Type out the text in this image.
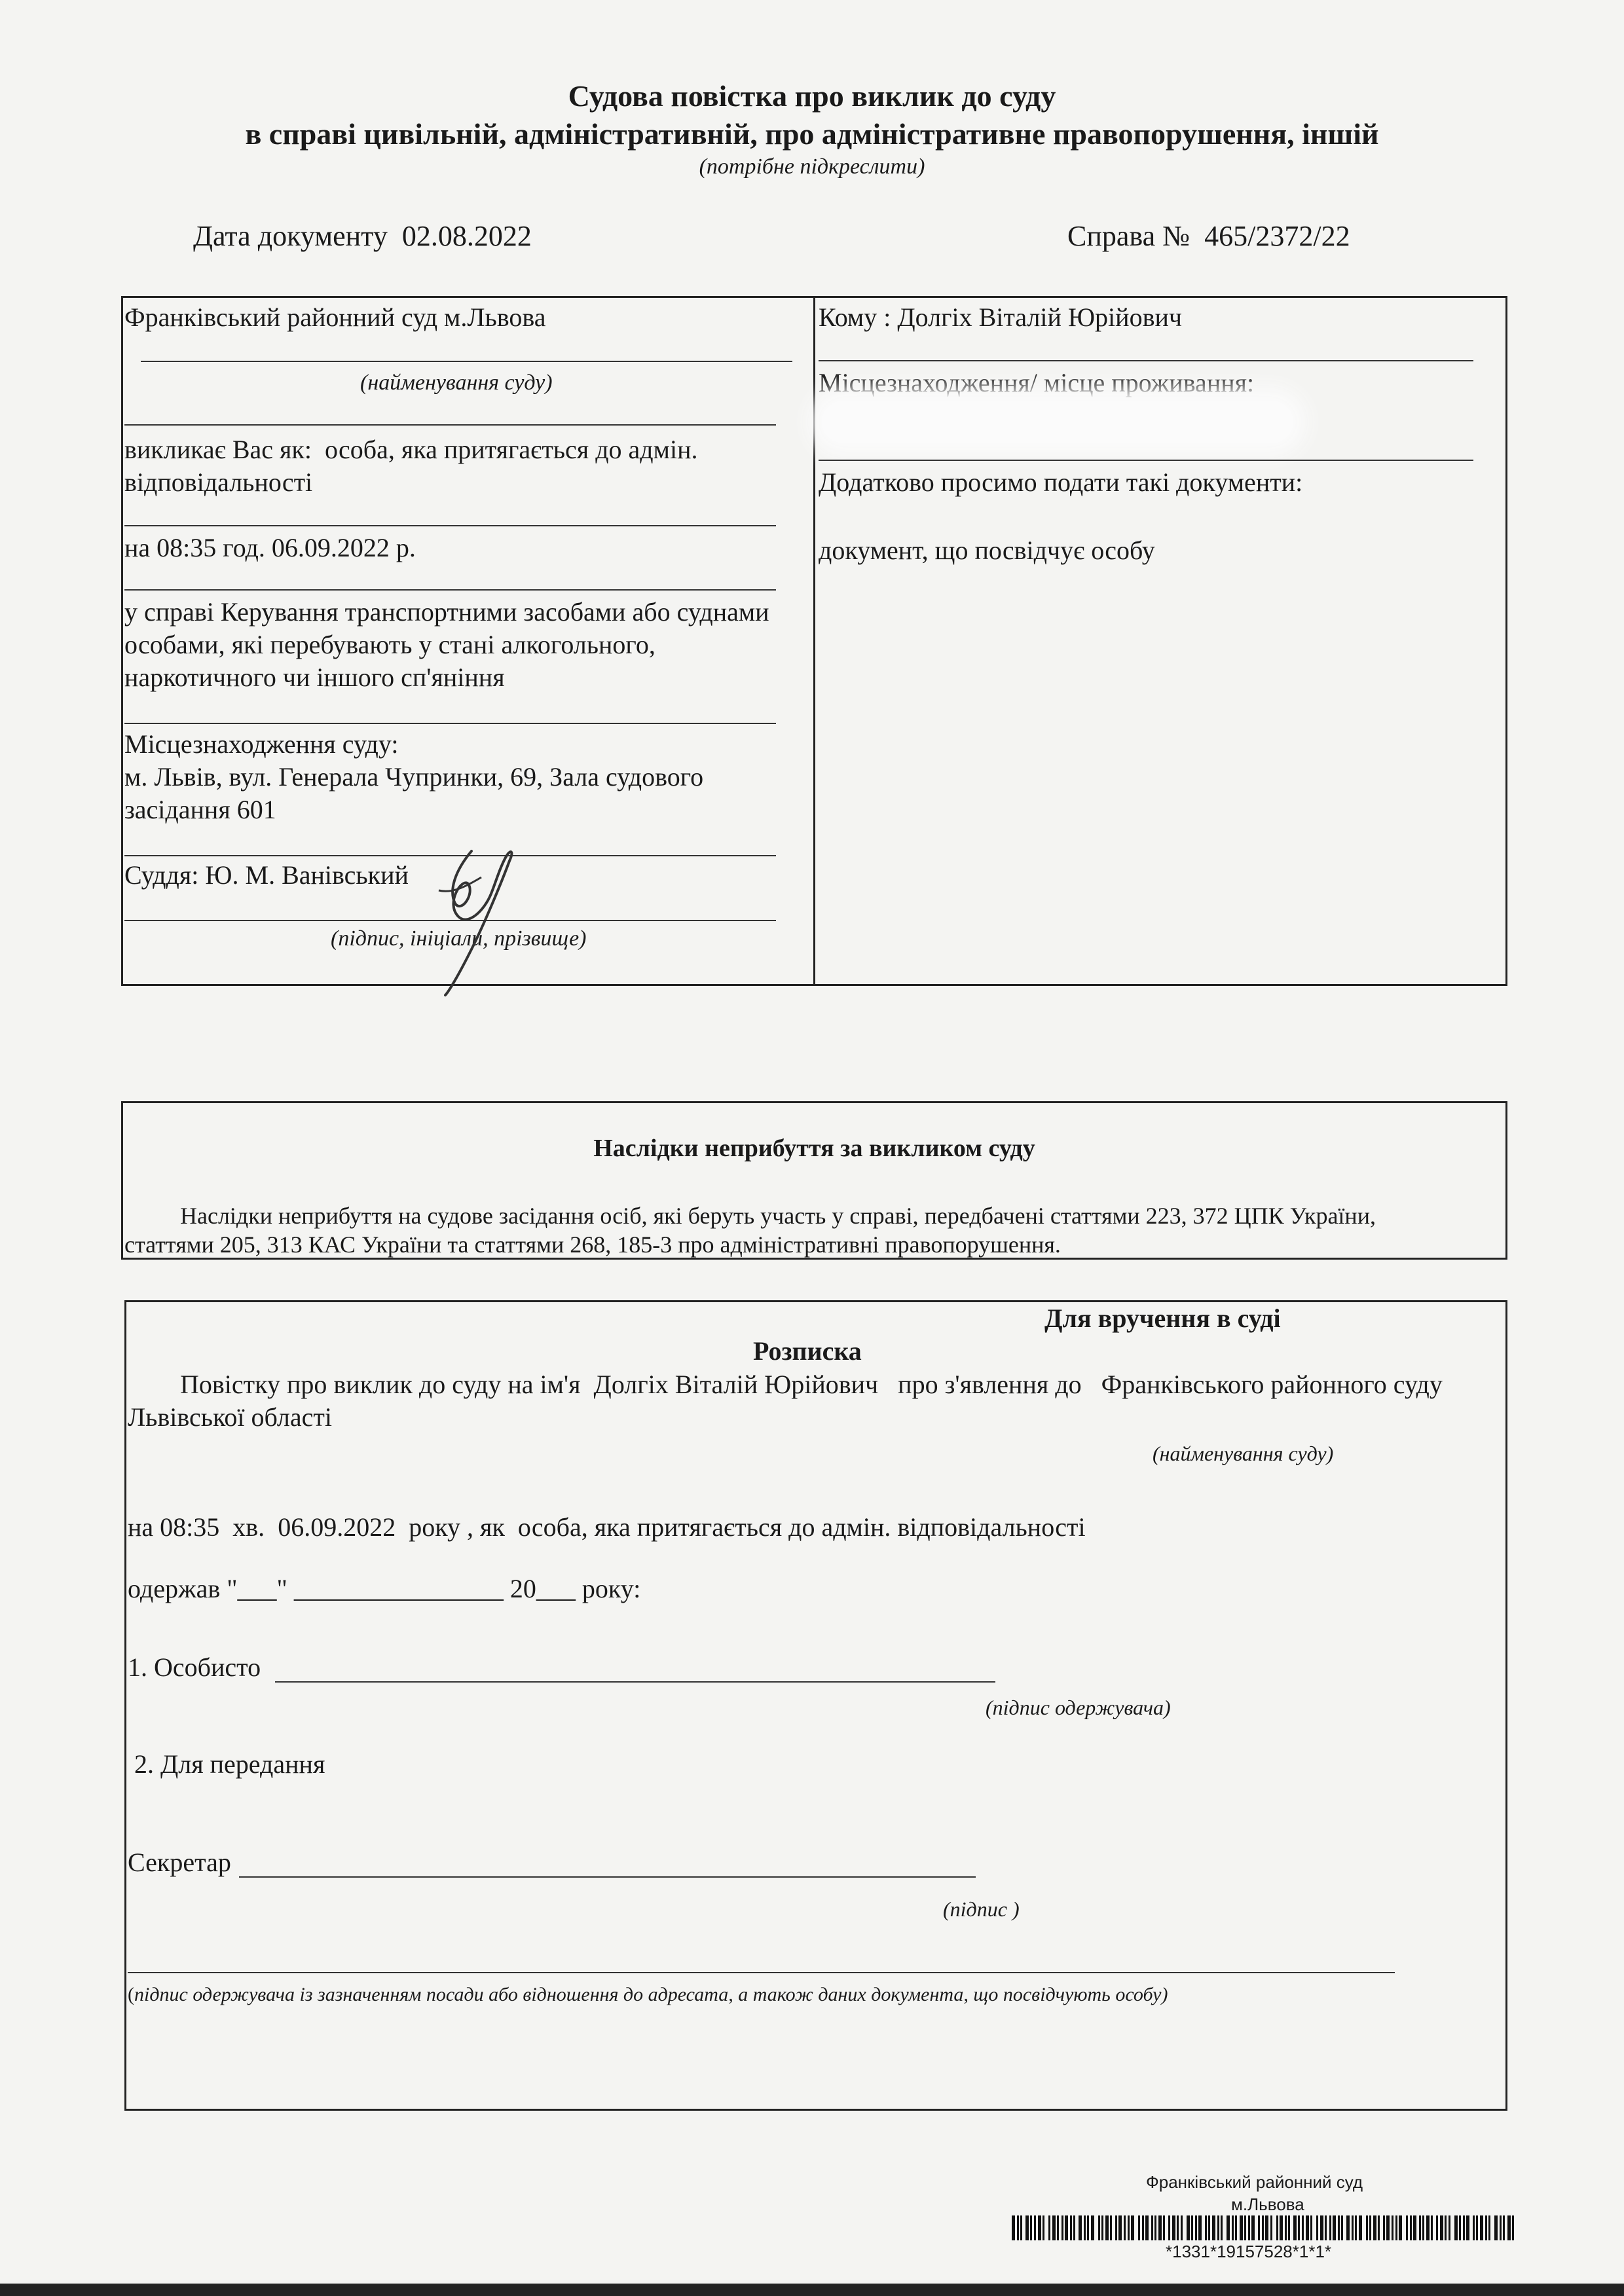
Судова повістка про виклик до суду
в справі цивільній, адміністративній, про адміністративне правопорушення, іншій
(потрібне підкреслити)
Дата документу 02.08.2022	Справа № 465/2372/22
Франківський районний суд м.Львова
(найменування суду)
викликає Вас як: особа, яка притягається до адмін. відповідальності
на 08:35 год. 06.09.2022 р.
у справі Керування транспортними засобами або суднами
особами, які перебувають у стані алкогольного,
наркотичного чи іншого сп'яніння
Місцезнаходження суду:
м. Львів, вул. Генерала Чупринки, 69, Зала судового
засідання 601
Суддя: Ю. М. Ванівський
(підпис, ініціали, прізвище)
Кому : Долгіх Віталій Юрійович
Місцезнаходження/ місце проживання:
Додатково просимо подати такі документи:
документ, що посвідчує особу
Наслідки неприбуття за викликом суду
Наслідки неприбуття на судове засідання осіб, які беруть участь у справі, передбачені статтями 223, 372 ЦПК України,
статтями 205, 313 КАС України та статтями 268, 185-3 про адміністративні правопорушення.
Для вручення в суді
Розписка
Повістку про виклик до суду на ім'я Долгіх Віталій Юрійович про з'явлення до Франківського районного суду
Львівської області
(найменування суду)
на 08:35 хв. 06.09.2022 року , як особа, яка притягається до адмін. відповідальності
одержав "___" ________________ 20___ року:
1. Особисто
(підпис одержувача)
2. Для передання
Секретар
(підпис )
(підпис одержувача із зазначенням посади або відношення до адресата, а також даних документа, що посвідчують особу)
Франківський районний суд
м.Львова
*1331*19157528*1*1*
